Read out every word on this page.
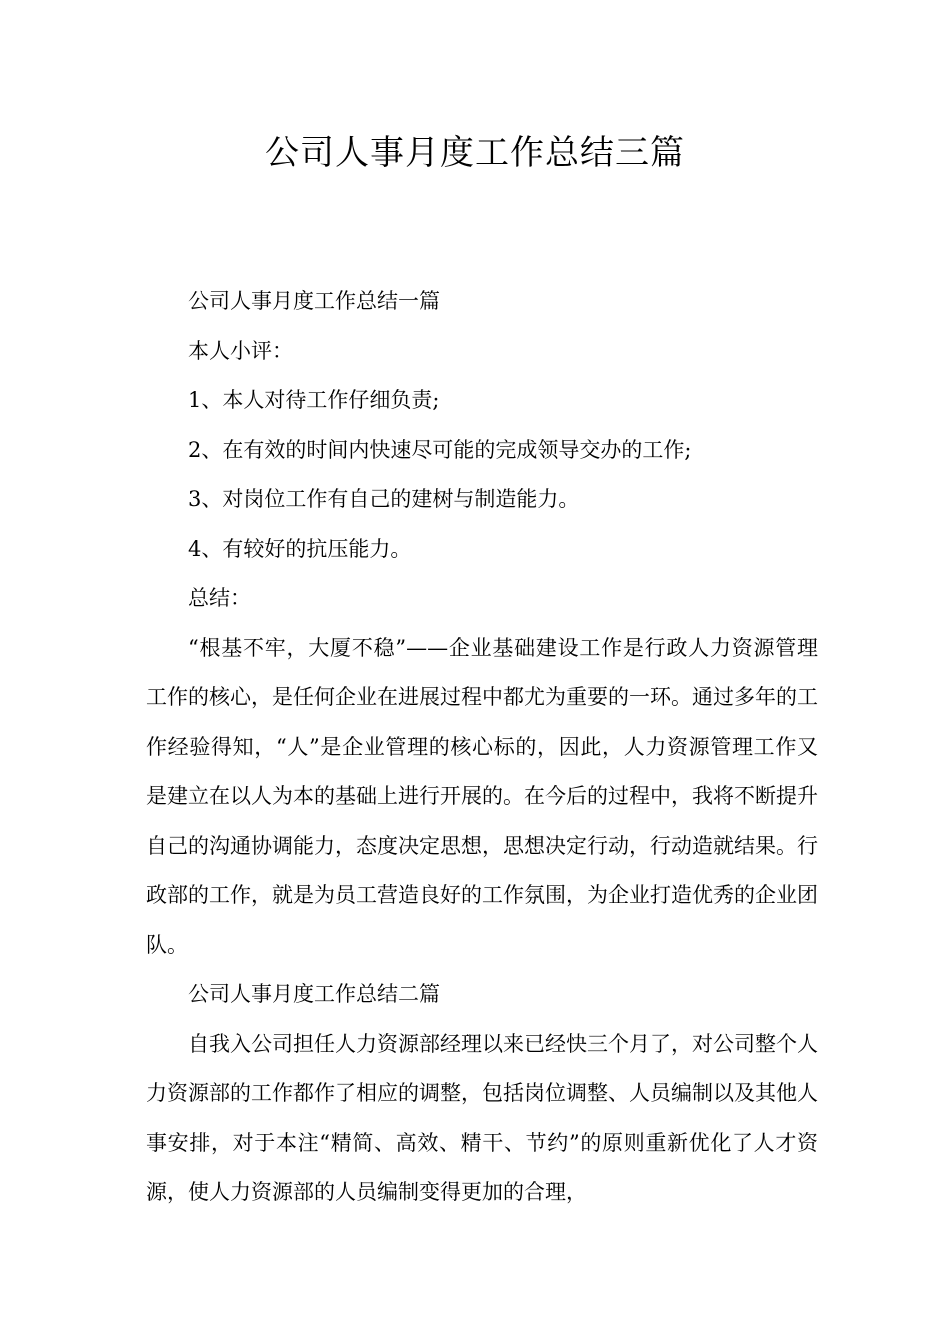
公司人事月度工作总结三篇

公司人事月度工作总结一篇

本人小评：

1、本人对待工作仔细负责;

2、在有效的时间内快速尽可能的完成领导交办的工作;

3、对岗位工作有自己的建树与制造能力。

4、有较好的抗压能力。

总结：

“根基不牢，大厦不稳”——企业基础建设工作是行政人力资源管理工作的核心，是任何企业在进展过程中都尤为重要的一环。通过多年的工作经验得知，“人”是企业管理的核心标的，因此，人力资源管理工作又是建立在以人为本的基础上进行开展的。在今后的过程中，我将不断提升自己的沟通协调能力，态度决定思想，思想决定行动，行动造就结果。行政部的工作，就是为员工营造良好的工作氛围，为企业打造优秀的企业团队。

公司人事月度工作总结二篇

自我入公司担任人力资源部经理以来已经快三个月了，对公司整个人力资源部的工作都作了相应的调整，包括岗位调整、人员编制以及其他人事安排，对于本注“精简、高效、精干、节约”的原则重新优化了人才资源，使人力资源部的人员编制变得更加的合理，
